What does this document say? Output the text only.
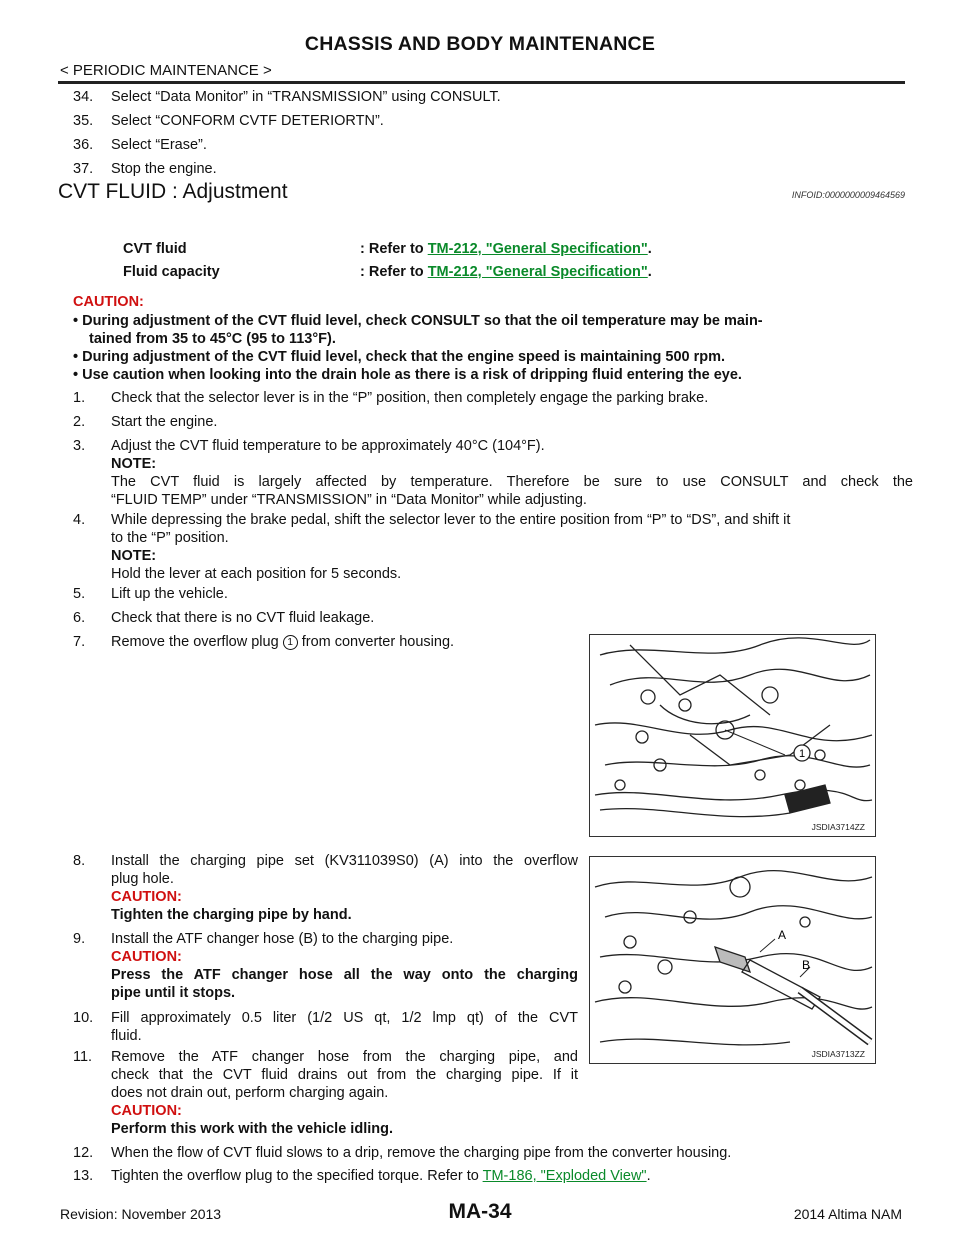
CHASSIS AND BODY MAINTENANCE
< PERIODIC MAINTENANCE >
34. Select “Data Monitor” in “TRANSMISSION” using CONSULT.
35. Select “CONFORM CVTF DETERIORTN”.
36. Select “Erase”.
37. Stop the engine.
CVT FLUID : Adjustment	INFOID:0000000009464569
CVT fluid	: Refer to TM-212, "General Specification".
Fluid capacity	: Refer to TM-212, "General Specification".
CAUTION:
• During adjustment of the CVT fluid level, check CONSULT so that the oil temperature may be main-
tained from 35 to 45°C (95 to 113°F).
• During adjustment of the CVT fluid level, check that the engine speed is maintaining 500 rpm.
• Use caution when looking into the drain hole as there is a risk of dripping fluid entering the eye.
1. Check that the selector lever is in the “P” position, then completely engage the parking brake.
2. Start the engine.
3. Adjust the CVT fluid temperature to be approximately 40°C (104°F).
NOTE:
The CVT fluid is largely affected by temperature. Therefore be sure to use CONSULT and check the
“FLUID TEMP” under “TRANSMISSION” in “Data Monitor” while adjusting.
4. While depressing the brake pedal, shift the selector lever to the entire position from “P” to “DS”, and shift it
to the “P” position.
NOTE:
Hold the lever at each position for 5 seconds.
5. Lift up the vehicle.
6. Check that there is no CVT fluid leakage.
7. Remove the overflow plug 1 from converter housing.
8.	Install the charging pipe set (KV311039S0) (A) into the overflow
plug hole.
CAUTION:
Tighten the charging pipe by hand.
9. Install the ATF changer hose (B) to the charging pipe.
CAUTION:
Press the ATF changer hose all the way onto the charging
pipe until it stops.
10.	Fill approximately 0.5 liter (1/2 US qt, 1/2 lmp qt) of the CVT
fluid.
11.	Remove the ATF changer hose from the charging pipe, and
check that the CVT fluid drains out from the charging pipe. If it
does not drain out, perform charging again.
CAUTION:
Perform this work with the vehicle idling.
12. When the flow of CVT fluid slows to a drip, remove the charging pipe from the converter housing.
13. Tighten the overflow plug to the specified torque. Refer to TM-186, "Exploded View".
1
JSDIA3714ZZ
A
B
JSDIA3713ZZ
MA-34
Revision: November 2013	2014 Altima NAM
